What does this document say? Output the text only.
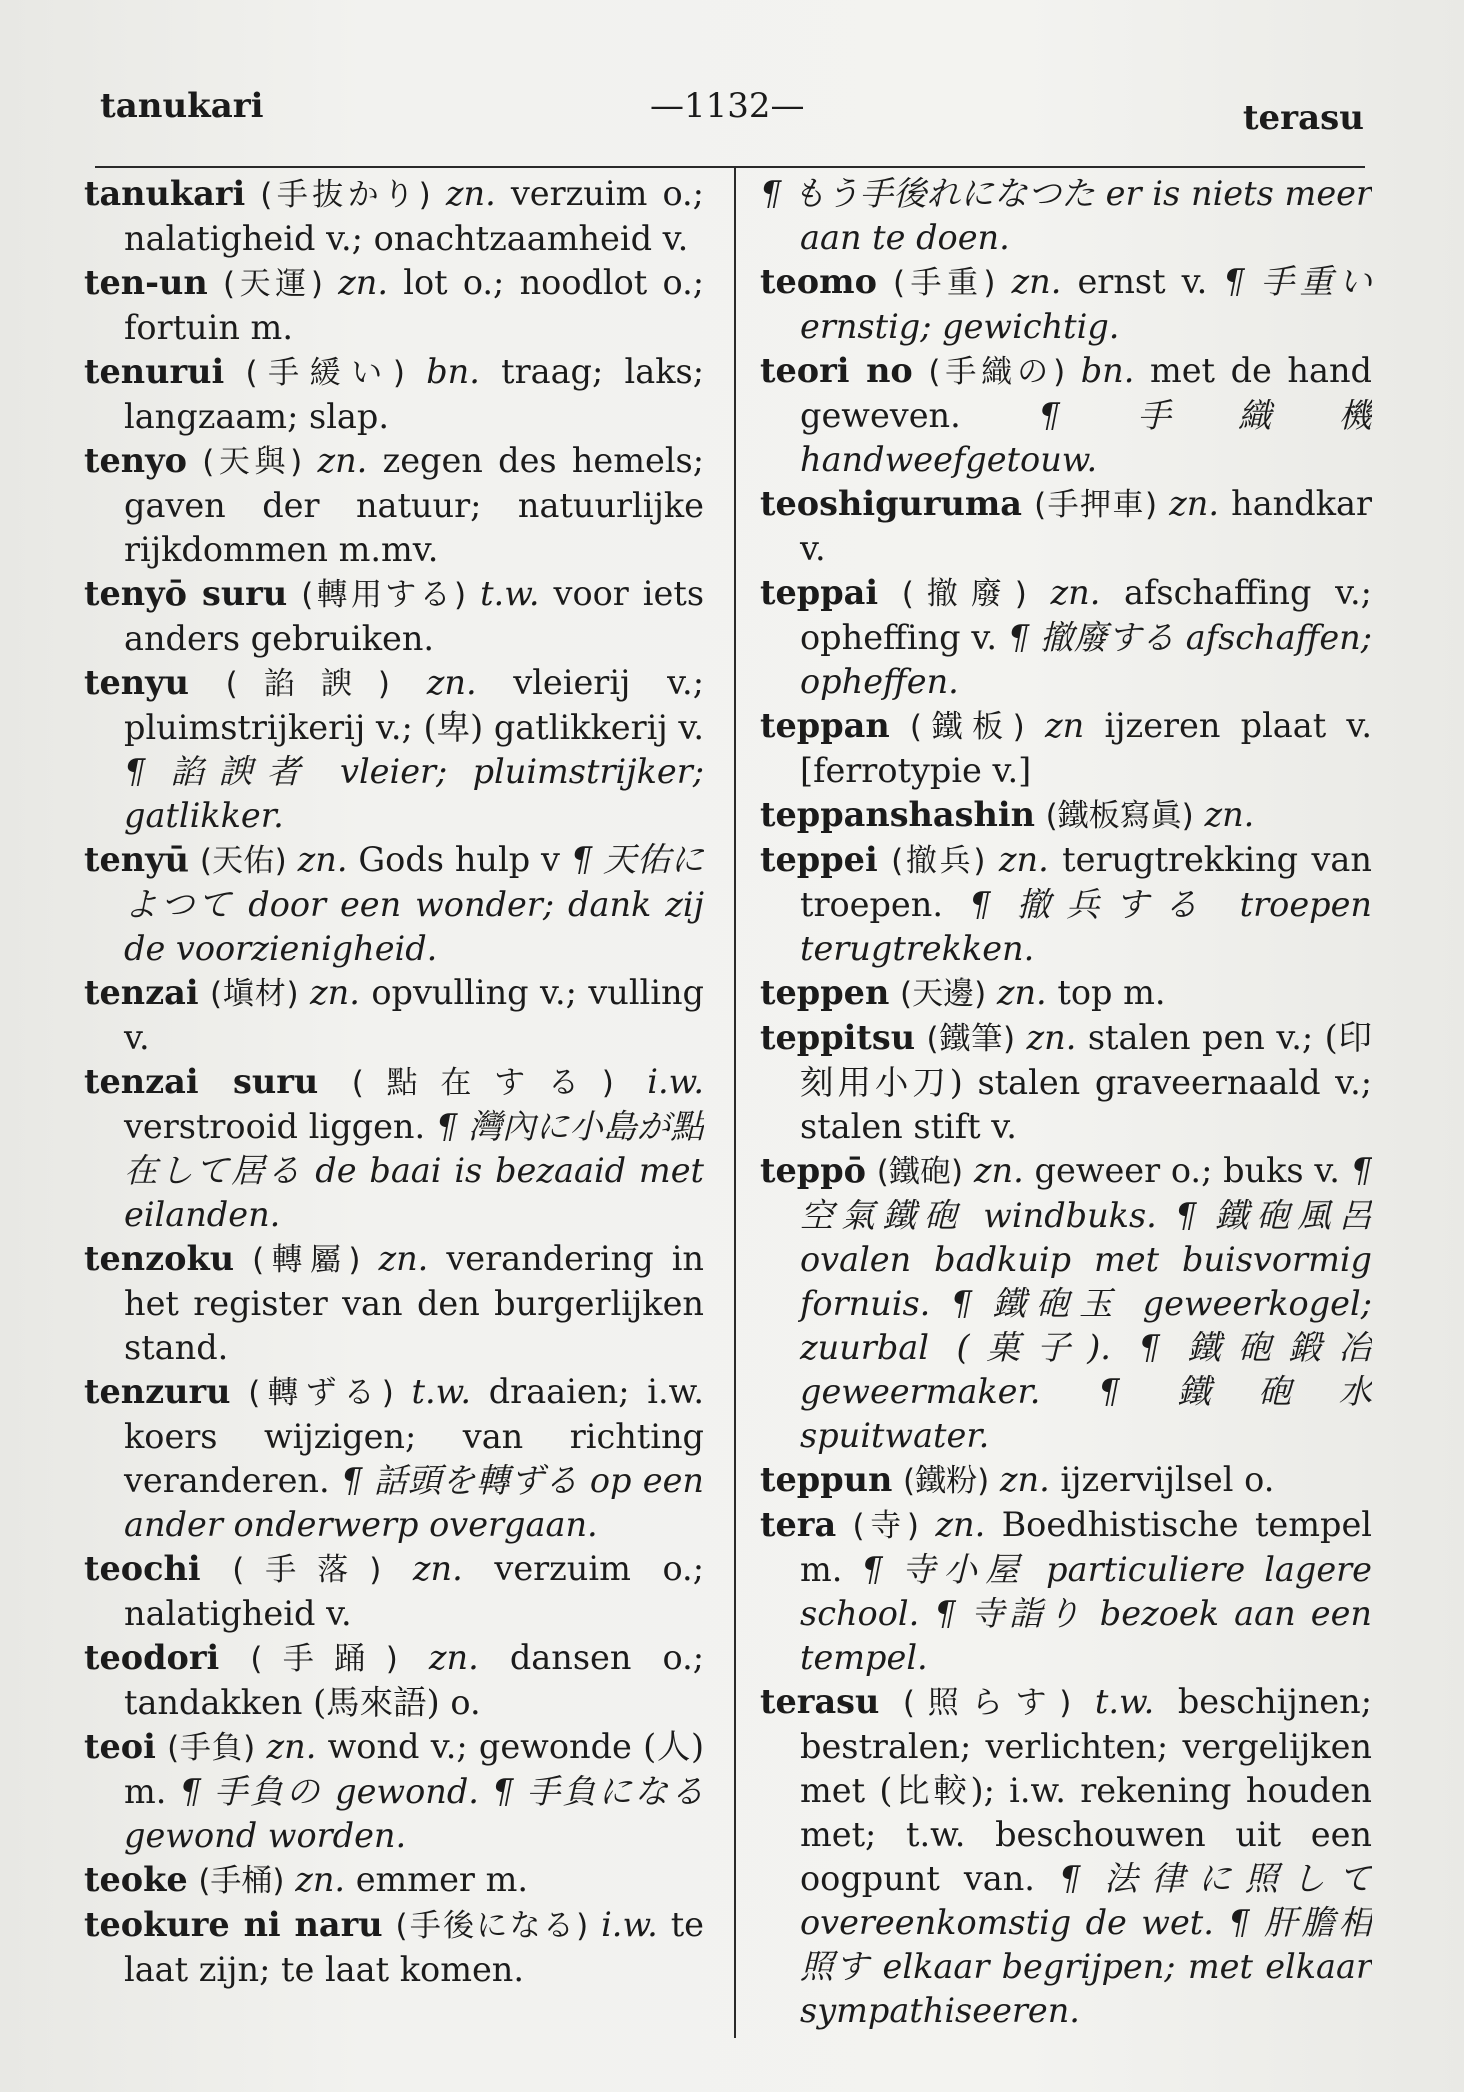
tanukari	—1132—	terasu

tanukari (手抜かり) zn. verzuim o.; nalatigheid v.; onachtzaamheid v.

ten-un (天運) zn. lot o.; noodlot o.; fortuin m.

tenurui (手緩い) bn. traag; laks; langzaam; slap.

tenyo (天與) zn. zegen des hemels; gaven der natuur; natuurlijke rijkdommen m.mv.

tenyō suru (轉用する) t.w. voor iets anders gebruiken.

tenyu (諂諛) zn. vleierij v.; pluimstrijkerij v.; (卑) gatlikkerij v. ¶ 諂諛者 vleier; pluimstrijker; gatlikker.

tenyū (天佑) zn. Gods hulp v ¶ 天佑によつて door een wonder; dank zij de voorzienigheid.

tenzai (塡材) zn. opvulling v.; vulling v.

tenzai suru (點在する) i.w. verstrooid liggen. ¶ 灣內に小島が點在して居る de baai is bezaaid met eilanden.

tenzoku (轉屬) zn. verandering in het register van den burgerlijken stand.

tenzuru (轉ずる) t.w. draaien; i.w. koers wijzigen; van richting veranderen. ¶ 話頭を轉ずる op een ander onderwerp overgaan.

teochi (手落) zn. verzuim o.; nalatigheid v.

teodori (手踊) zn. dansen o.; tandakken (馬來語) o.

teoi (手負) zn. wond v.; gewonde (人) m. ¶ 手負の gewond. ¶ 手負になる gewond worden.

teoke (手桶) zn. emmer m.

teokure ni naru (手後になる) i.w. te laat zijn; te laat komen.

¶ もう手後れになつた er is niets meer aan te doen.

teomo (手重) zn. ernst v. ¶ 手重い ernstig; gewichtig.

teori no (手織の) bn. met de hand geweven. ¶ 手織機 handweefgetouw.

teoshiguruma (手押車) zn. handkar v.

teppai (撤廢) zn. afschaffing v.; opheffing v. ¶ 撤廢する afschaffen; opheffen.

teppan (鐵板) zn ijzeren plaat v. [ferrotypie v.]

teppanshashin (鐵板寫眞) zn.

teppei (撤兵) zn. terugtrekking van troepen. ¶ 撤兵する troepen terugtrekken.

teppen (天邊) zn. top m.

teppitsu (鐵筆) zn. stalen pen v.; (印刻用小刀) stalen graveernaald v.; stalen stift v.

teppō (鐵砲) zn. geweer o.; buks v. ¶ 空氣鐵砲 windbuks. ¶ 鐵砲風呂 ovalen badkuip met buisvormig fornuis. ¶ 鐵砲玉 geweerkogel; zuurbal (菓子). ¶ 鐵砲鍛冶 geweermaker. ¶ 鐵砲水 spuitwater.

teppun (鐵粉) zn. ijzervijlsel o.

tera (寺) zn. Boedhistische tempel m. ¶ 寺小屋 particuliere lagere school. ¶ 寺詣り bezoek aan een tempel.

terasu (照らす) t.w. beschijnen; bestralen; verlichten; vergelijken met (比較); i.w. rekening houden met; t.w. beschouwen uit een oogpunt van. ¶ 法律に照して overeenkomstig de wet. ¶ 肝膽相照す elkaar begrijpen; met elkaar sympathiseeren.
